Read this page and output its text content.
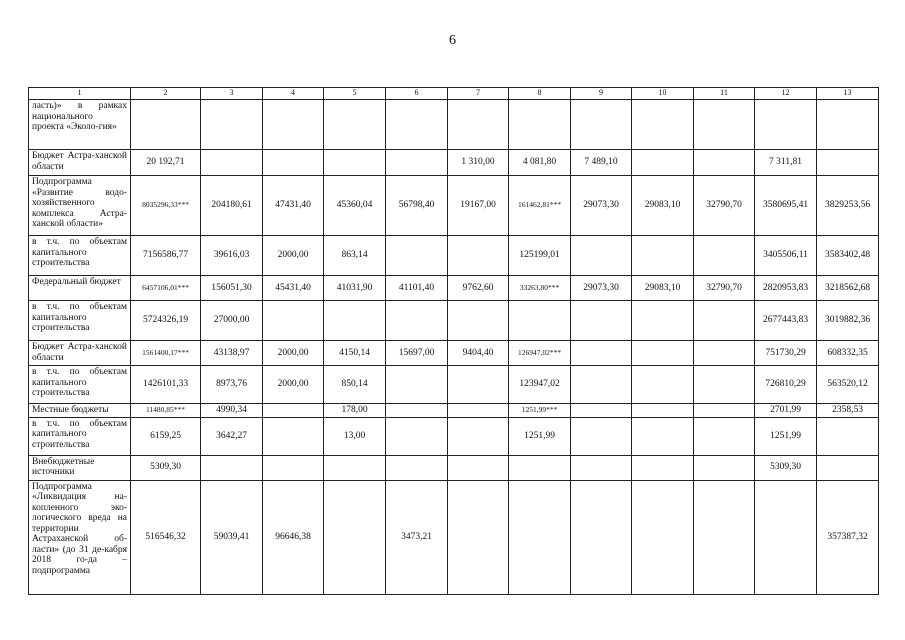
6
1	2	3	4	5	6	7	8	9	10	11	12	13
ласть)» в рамках национального проекта «Эколо-гия»												
Бюджет Астра-ханской области	20 192,71					1 310,00	4 081,80	7 489,10			7 311,81	
Подпрограмма «Развитие водо-хозяйственного комплекса Астра-ханской области»	8035296,33***	204180,61	47431,40	45360,04	56798,40	19167,00	161462,81***	29073,30	29083,10	32790,70	3580695,41	3829253,56
в т.ч. по объектам капитального строительства	7156586,77	39616,03	2000,00	863,14			125199,01				3405506,11	3583402,48
Федеральный бюджет	6457106,01***	156051,30	45431,40	41031,90	41101,40	9762,60	33263,80***	29073,30	29083,10	32790,70	2820953,83	3218562,68
в т.ч. по объектам капитального строительства	5724326,19	27000,00									2677443,83	3019882,36
Бюджет Астра-ханской области	1561400,17***	43138,97	2000,00	4150,14	15697,00	9404,40	126947,02***				751730,29	608332,35
в т.ч. по объектам капитального строительства	1426101,33	8973,76	2000,00	850,14			123947,02				726810,29	563520,12
Местные бюджеты	11480,85***	4990,34		178,00			1251,99***				2701,99	2358,53
в т.ч. по объектам капитального строительства	6159,25	3642,27		13,00			1251,99				1251,99	
Внебюджетные источники	5309,30										5309,30	
Подпрограмма «Ликвидация на-копленного эко-логического вреда на территории Астраханской об-ласти» (до 31 де-кабря 2018 го-да – подпрограмма	516546,32	59039,41	96646,38		3473,21							357387,32
